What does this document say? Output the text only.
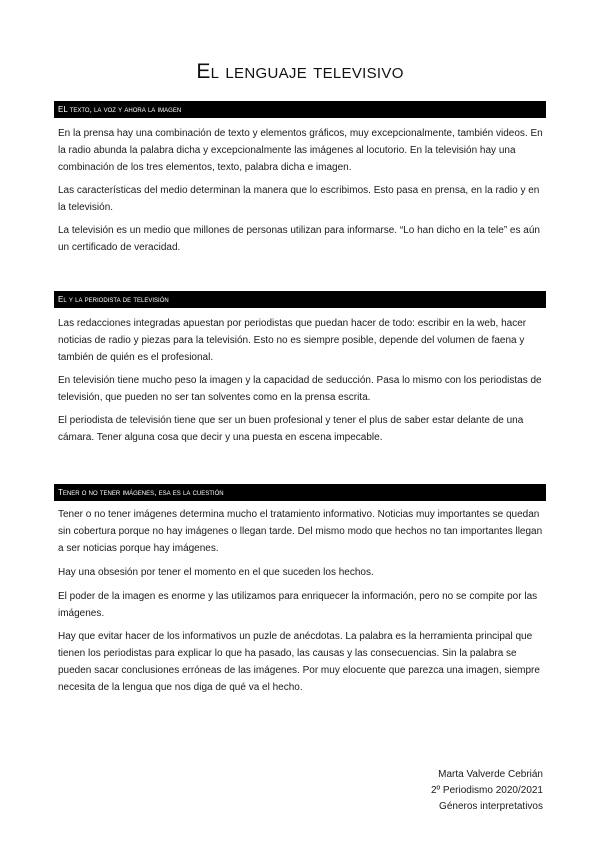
El lenguaje televisivo
EL texto, la voz y ahora la imagen

En la prensa hay una combinación de texto y elementos gráficos, muy excepcionalmente, también videos. En la radio abunda la palabra dicha y excepcionalmente las imágenes al locutorio. En la televisión hay una combinación de los tres elementos, texto, palabra dicha e imagen.

Las características del medio determinan la manera que lo escribimos. Esto pasa en prensa, en la radio y en la televisión.

La televisión es un medio que millones de personas utilizan para informarse. “Lo han dicho en la tele” es aún un certificado de veracidad.

El y la periodista de televisión

Las redacciones integradas apuestan por periodistas que puedan hacer de todo: escribir en la web, hacer noticias de radio y piezas para la televisión. Esto no es siempre posible, depende del volumen de faena y también de quién es el profesional.

En televisión tiene mucho peso la imagen y la capacidad de seducción. Pasa lo mismo con los periodistas de televisión, que pueden no ser tan solventes como en la prensa escrita.

El periodista de televisión tiene que ser un buen profesional y tener el plus de saber estar delante de una cámara. Tener alguna cosa que decir y una puesta en escena impecable.

Tener o no tener imágenes, esa es la cuestión

Tener o no tener imágenes determina mucho el tratamiento informativo. Noticias muy importantes se quedan sin cobertura porque no hay imágenes o llegan tarde. Del mismo modo que hechos no tan importantes llegan a ser noticias porque hay imágenes.

Hay una obsesión por tener el momento en el que suceden los hechos.

El poder de la imagen es enorme y las utilizamos para enriquecer la información, pero no se compite por las imágenes.

Hay que evitar hacer de los informativos un puzle de anécdotas. La palabra es la herramienta principal que tienen los periodistas para explicar lo que ha pasado, las causas y las consecuencias. Sin la palabra se pueden sacar conclusiones erróneas de las imágenes. Por muy elocuente que parezca una imagen, siempre necesita de la lengua que nos diga de qué va el hecho.

Marta Valverde Cebrián
2º Periodismo 2020/2021
Géneros interpretativos
